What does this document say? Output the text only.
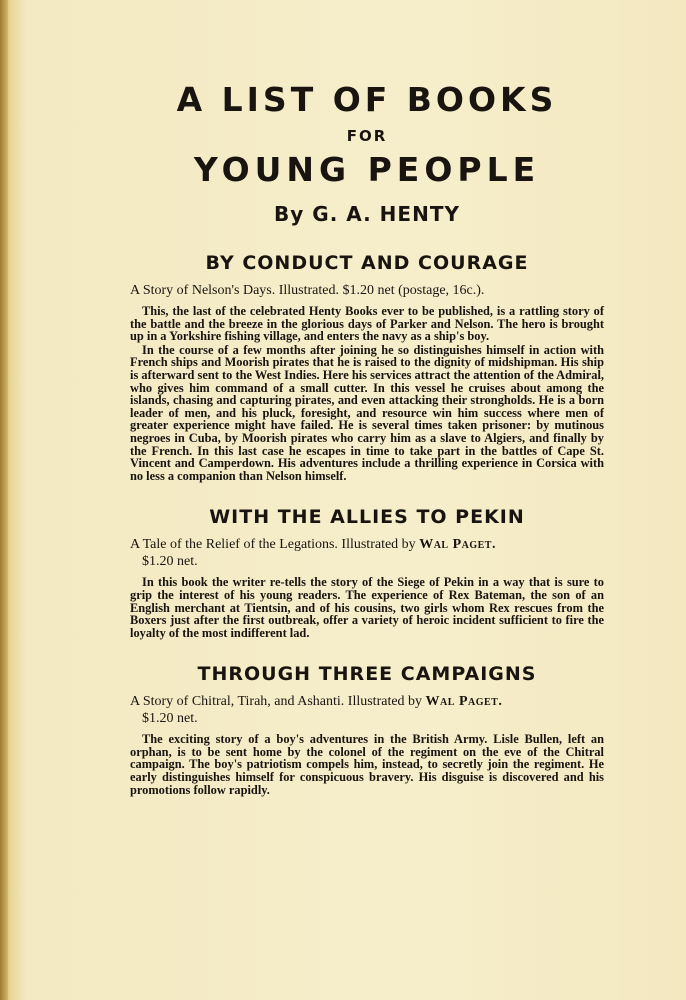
A LIST OF BOOKS
FOR
YOUNG PEOPLE
By G. A. HENTY
BY CONDUCT AND COURAGE
A Story of Nelson's Days. Illustrated. $1.20 net (postage, 16c.).

This, the last of the celebrated Henty Books ever to be published, is a rattling story of the battle and the breeze in the glorious days of Parker and Nelson. The hero is brought up in a Yorkshire fishing village, and enters the navy as a ship's boy.

In the course of a few months after joining he so distinguishes himself in action with French ships and Moorish pirates that he is raised to the dignity of midshipman. His ship is afterward sent to the West Indies. Here his services attract the attention of the Admiral, who gives him command of a small cutter. In this vessel he cruises about among the islands, chasing and capturing pirates, and even attacking their strongholds. He is a born leader of men, and his pluck, foresight, and resource win him success where men of greater experience might have failed. He is several times taken prisoner: by mutinous negroes in Cuba, by Moorish pirates who carry him as a slave to Algiers, and finally by the French. In this last case he escapes in time to take part in the battles of Cape St. Vincent and Camperdown. His adventures include a thrilling experience in Corsica with no less a companion than Nelson himself.

WITH THE ALLIES TO PEKIN
A Tale of the Relief of the Legations. Illustrated by Wal Paget.
$1.20 net.

In this book the writer re-tells the story of the Siege of Pekin in a way that is sure to grip the interest of his young readers. The experience of Rex Bateman, the son of an English merchant at Tientsin, and of his cousins, two girls whom Rex rescues from the Boxers just after the first outbreak, offer a variety of heroic incident sufficient to fire the loyalty of the most indifferent lad.

THROUGH THREE CAMPAIGNS
A Story of Chitral, Tirah, and Ashanti. Illustrated by Wal Paget.
$1.20 net.

The exciting story of a boy's adventures in the British Army. Lisle Bullen, left an orphan, is to be sent home by the colonel of the regiment on the eve of the Chitral campaign. The boy's patriotism compels him, instead, to secretly join the regiment. He early distinguishes himself for conspicuous bravery. His disguise is discovered and his promotions follow rapidly.
